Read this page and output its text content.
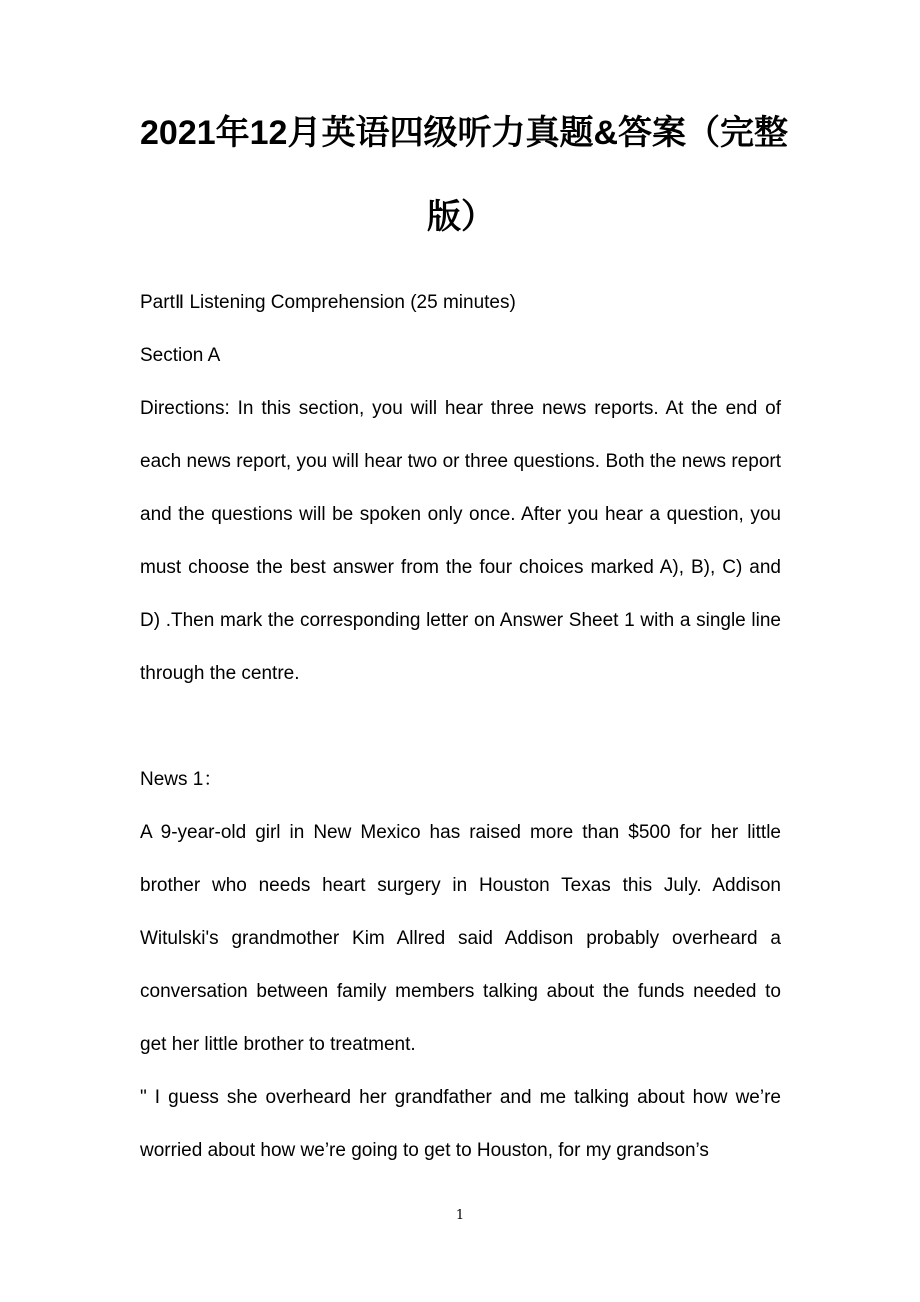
2021年12月英语四级听力真题&答案（完整
版）

PartⅡ Listening Comprehension (25 minutes)

Section A

Directions: In this section, you will hear three news reports. At the end of each news report, you will hear two or three questions. Both the news report and the questions will be spoken only once. After you hear a question, you must choose the best answer from the four choices marked A), B), C) and D) .Then mark the corresponding letter on Answer Sheet 1 with a single line through the centre.

News 1：

A 9-year-old girl in New Mexico has raised more than $500 for her little brother who needs heart surgery in Houston Texas this July. Addison Witulski's grandmother Kim Allred said Addison probably overheard a conversation between family members talking about the funds needed to get her little brother to treatment.

" I guess she overheard her grandfather and me talking about how we’re worried about how we’re going to get to Houston, for my grandson’s

1
